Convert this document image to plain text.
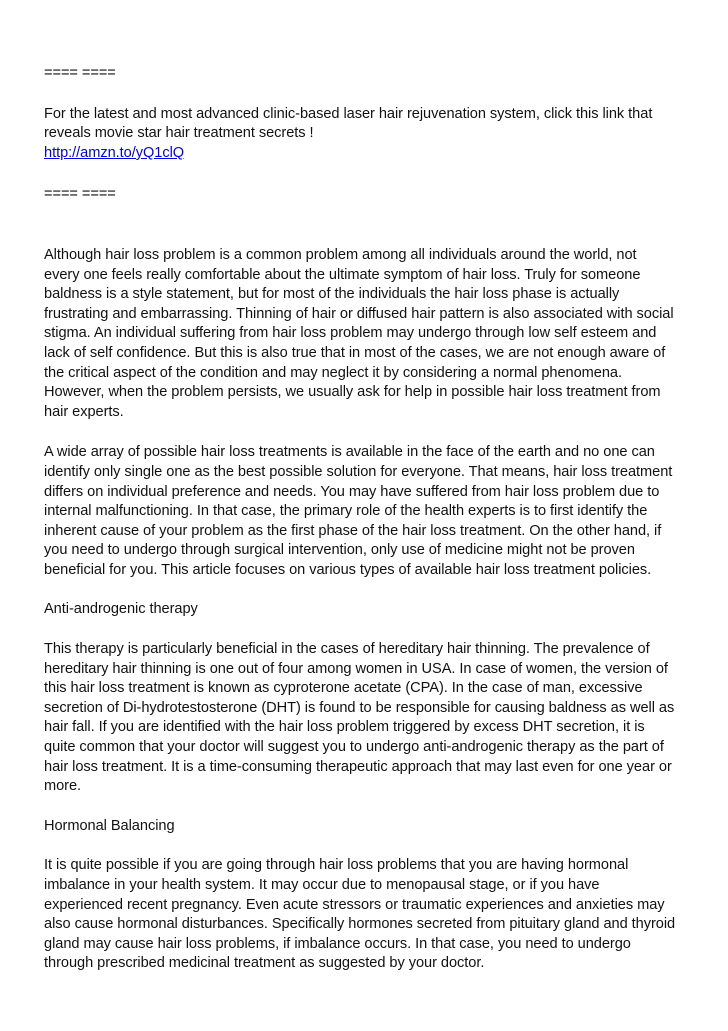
==== ====
For the latest and most advanced clinic-based laser hair rejuvenation system, click this link that
reveals movie star hair treatment secrets !
http://amzn.to/yQ1clQ
==== ====
Although hair loss problem is a common problem among all individuals around the world, not
every one feels really comfortable about the ultimate symptom of hair loss. Truly for someone
baldness is a style statement, but for most of the individuals the hair loss phase is actually
frustrating and embarrassing. Thinning of hair or diffused hair pattern is also associated with social
stigma. An individual suffering from hair loss problem may undergo through low self esteem and
lack of self confidence. But this is also true that in most of the cases, we are not enough aware of
the critical aspect of the condition and may neglect it by considering a normal phenomena.
However, when the problem persists, we usually ask for help in possible hair loss treatment from
hair experts.
A wide array of possible hair loss treatments is available in the face of the earth and no one can
identify only single one as the best possible solution for everyone. That means, hair loss treatment
differs on individual preference and needs. You may have suffered from hair loss problem due to
internal malfunctioning. In that case, the primary role of the health experts is to first identify the
inherent cause of your problem as the first phase of the hair loss treatment. On the other hand, if
you need to undergo through surgical intervention, only use of medicine might not be proven
beneficial for you. This article focuses on various types of available hair loss treatment policies.
Anti-androgenic therapy
This therapy is particularly beneficial in the cases of hereditary hair thinning. The prevalence of
hereditary hair thinning is one out of four among women in USA. In case of women, the version of
this hair loss treatment is known as cyproterone acetate (CPA). In the case of man, excessive
secretion of Di-hydrotestosterone (DHT) is found to be responsible for causing baldness as well as
hair fall. If you are identified with the hair loss problem triggered by excess DHT secretion, it is
quite common that your doctor will suggest you to undergo anti-androgenic therapy as the part of
hair loss treatment. It is a time-consuming therapeutic approach that may last even for one year or
more.
Hormonal Balancing
It is quite possible if you are going through hair loss problems that you are having hormonal
imbalance in your health system. It may occur due to menopausal stage, or if you have
experienced recent pregnancy. Even acute stressors or traumatic experiences and anxieties may
also cause hormonal disturbances. Specifically hormones secreted from pituitary gland and thyroid
gland may cause hair loss problems, if imbalance occurs. In that case, you need to undergo
through prescribed medicinal treatment as suggested by your doctor.
